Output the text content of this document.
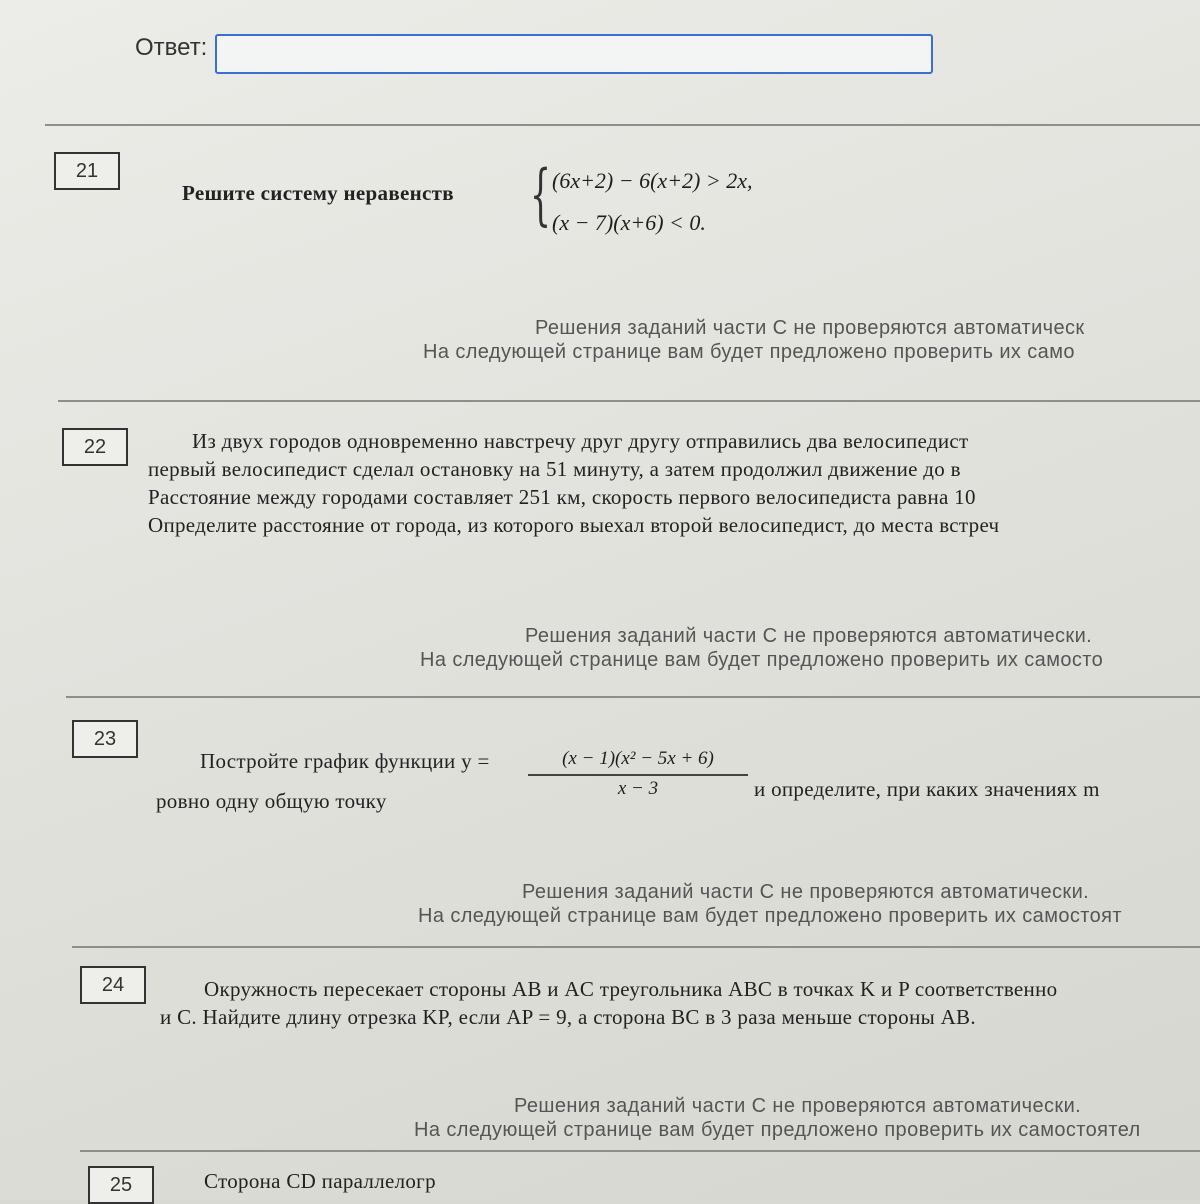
Ответ:
21
Решите систему неравенств { (6x+2) − 6(x+2) > 2x,
(x − 7)(x+6) < 0.
Решения заданий части С не проверяются автоматическ
На следующей странице вам будет предложено проверить их само
22	Из двух городов одновременно навстречу друг другу отправились два велосипедист
первый велосипедист сделал остановку на 51 минуту, а затем продолжил движение до в
Расстояние между городами составляет 251 км, скорость первого велосипедиста равна 10
Определите расстояние от города, из которого выехал второй велосипедист, до места встреч
Решения заданий части С не проверяются автоматически.
На следующей странице вам будет предложено проверить их самосто
23
Постройте график функции y =	(x − 1)(x² − 5x + 6)
x − 3	и определите, при каких значениях m
ровно одну общую точку
Решения заданий части С не проверяются автоматически.
На следующей странице вам будет предложено проверить их самостоят
24	Окружность пересекает стороны AB и AC треугольника ABC в точках K и P соответственно
и C. Найдите длину отрезка KP, если AP = 9, а сторона BC в 3 раза меньше стороны AB.
Решения заданий части С не проверяются автоматически.
На следующей странице вам будет предложено проверить их самостоятел
25	Сторона CD параллелогр
